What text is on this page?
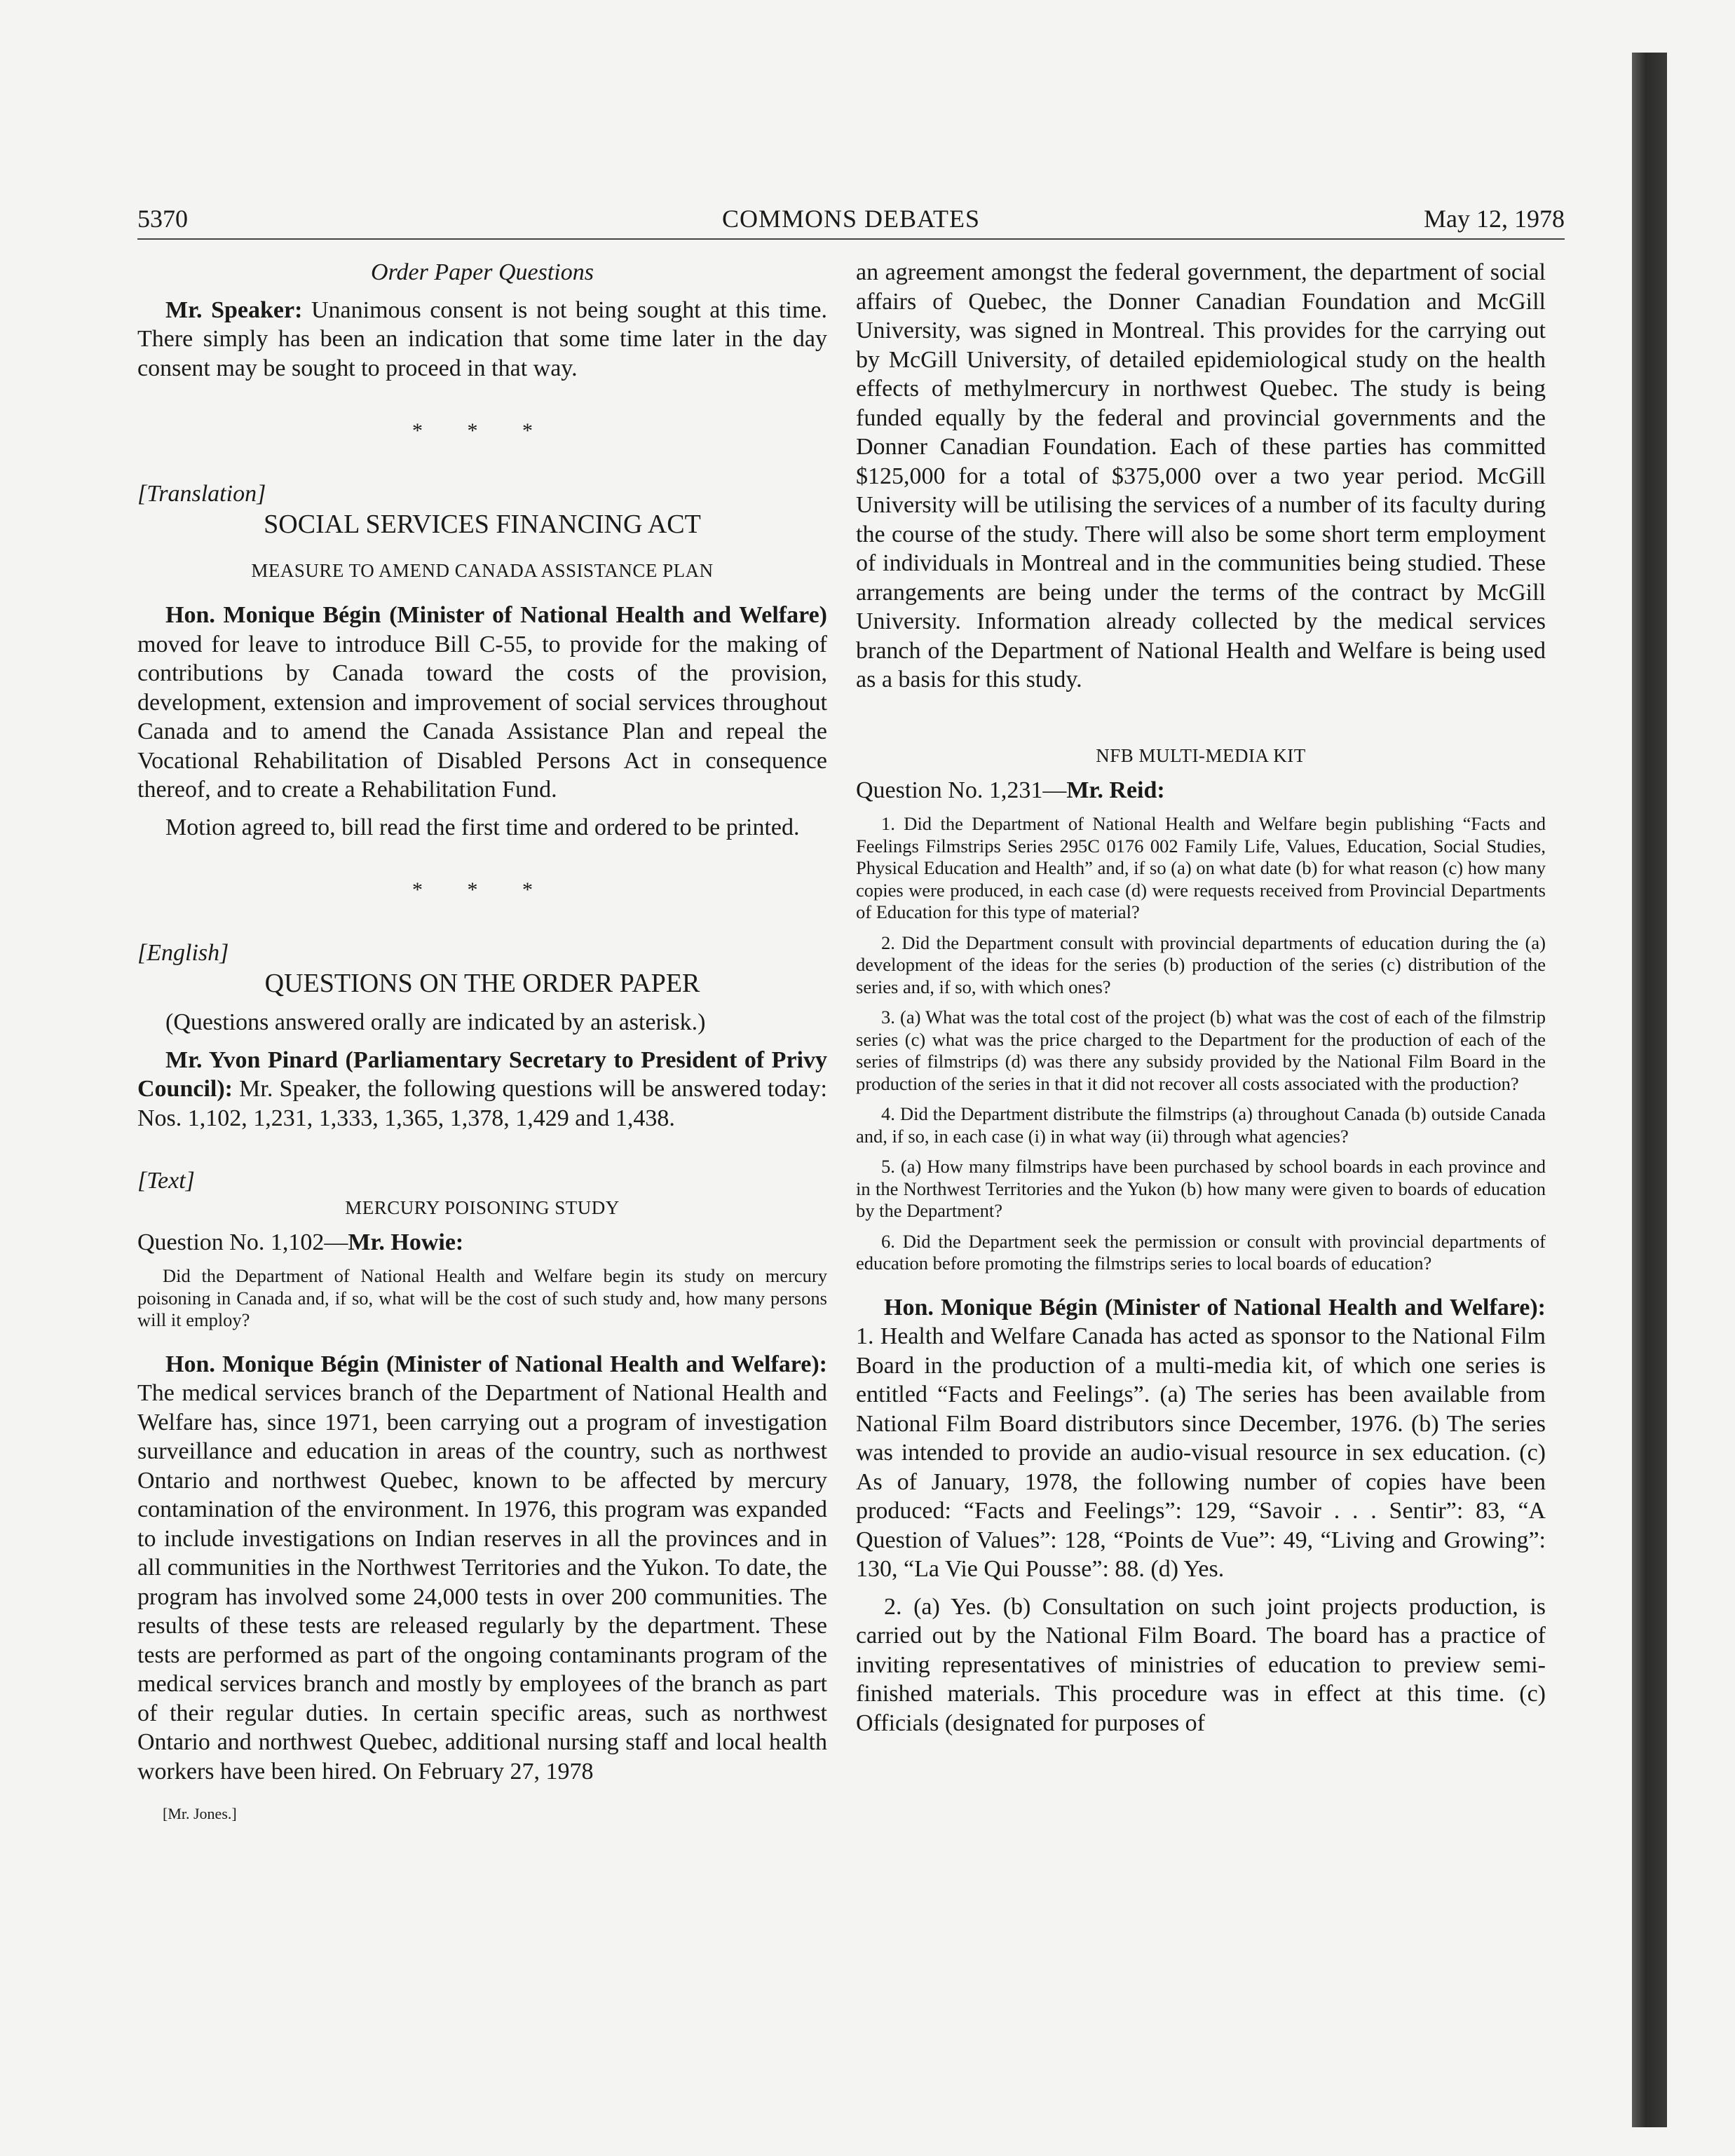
5370	COMMONS DEBATES	May 12, 1978

Order Paper Questions

Mr. Speaker: Unanimous consent is not being sought at this time. There simply has been an indication that some time later in the day consent may be sought to proceed in that way.

* * *

[Translation]

SOCIAL SERVICES FINANCING ACT

MEASURE TO AMEND CANADA ASSISTANCE PLAN

Hon. Monique Bégin (Minister of National Health and Welfare) moved for leave to introduce Bill C-55, to provide for the making of contributions by Canada toward the costs of the provision, development, extension and improvement of social services throughout Canada and to amend the Canada Assistance Plan and repeal the Vocational Rehabilitation of Disabled Persons Act in consequence thereof, and to create a Rehabilitation Fund.

Motion agreed to, bill read the first time and ordered to be printed.

* * *

[English]

QUESTIONS ON THE ORDER PAPER

(Questions answered orally are indicated by an asterisk.)

Mr. Yvon Pinard (Parliamentary Secretary to President of Privy Council): Mr. Speaker, the following questions will be answered today: Nos. 1,102, 1,231, 1,333, 1,365, 1,378, 1,429 and 1,438.

[Text]

MERCURY POISONING STUDY

Question No. 1,102—Mr. Howie:

Did the Department of National Health and Welfare begin its study on mercury poisoning in Canada and, if so, what will be the cost of such study and, how many persons will it employ?

Hon. Monique Bégin (Minister of National Health and Welfare): The medical services branch of the Department of National Health and Welfare has, since 1971, been carrying out a program of investigation surveillance and education in areas of the country, such as northwest Ontario and northwest Quebec, known to be affected by mercury contamination of the environment. In 1976, this program was expanded to include investigations on Indian reserves in all the provinces and in all communities in the Northwest Territories and the Yukon. To date, the program has involved some 24,000 tests in over 200 communities. The results of these tests are released regularly by the department. These tests are performed as part of the ongoing contaminants program of the medical services branch and mostly by employees of the branch as part of their regular duties. In certain specific areas, such as northwest Ontario and northwest Quebec, additional nursing staff and local health workers have been hired. On February 27, 1978

[Mr. Jones.]

an agreement amongst the federal government, the department of social affairs of Quebec, the Donner Canadian Foundation and McGill University, was signed in Montreal. This provides for the carrying out by McGill University, of detailed epidemiological study on the health effects of methylmercury in northwest Quebec. The study is being funded equally by the federal and provincial governments and the Donner Canadian Foundation. Each of these parties has committed $125,000 for a total of $375,000 over a two year period. McGill University will be utilising the services of a number of its faculty during the course of the study. There will also be some short term employment of individuals in Montreal and in the communities being studied. These arrangements are being under the terms of the contract by McGill University. Information already collected by the medical services branch of the Department of National Health and Welfare is being used as a basis for this study.

NFB MULTI-MEDIA KIT

Question No. 1,231—Mr. Reid:

1. Did the Department of National Health and Welfare begin publishing “Facts and Feelings Filmstrips Series 295C 0176 002 Family Life, Values, Education, Social Studies, Physical Education and Health” and, if so (a) on what date (b) for what reason (c) how many copies were produced, in each case (d) were requests received from Provincial Departments of Education for this type of material?

2. Did the Department consult with provincial departments of education during the (a) development of the ideas for the series (b) production of the series (c) distribution of the series and, if so, with which ones?

3. (a) What was the total cost of the project (b) what was the cost of each of the filmstrip series (c) what was the price charged to the Department for the production of each of the series of filmstrips (d) was there any subsidy provided by the National Film Board in the production of the series in that it did not recover all costs associated with the production?

4. Did the Department distribute the filmstrips (a) throughout Canada (b) outside Canada and, if so, in each case (i) in what way (ii) through what agencies?

5. (a) How many filmstrips have been purchased by school boards in each province and in the Northwest Territories and the Yukon (b) how many were given to boards of education by the Department?

6. Did the Department seek the permission or consult with provincial departments of education before promoting the filmstrips series to local boards of education?

Hon. Monique Bégin (Minister of National Health and Welfare): 1. Health and Welfare Canada has acted as sponsor to the National Film Board in the production of a multi-media kit, of which one series is entitled “Facts and Feelings”. (a) The series has been available from National Film Board distributors since December, 1976. (b) The series was intended to provide an audio-visual resource in sex education. (c) As of January, 1978, the following number of copies have been produced: “Facts and Feelings”: 129, “Savoir . . . Sentir”: 83, “A Question of Values”: 128, “Points de Vue”: 49, “Living and Growing”: 130, “La Vie Qui Pousse”: 88. (d) Yes.

2. (a) Yes. (b) Consultation on such joint projects production, is carried out by the National Film Board. The board has a practice of inviting representatives of ministries of education to preview semi-finished materials. This procedure was in effect at this time. (c) Officials (designated for purposes of
